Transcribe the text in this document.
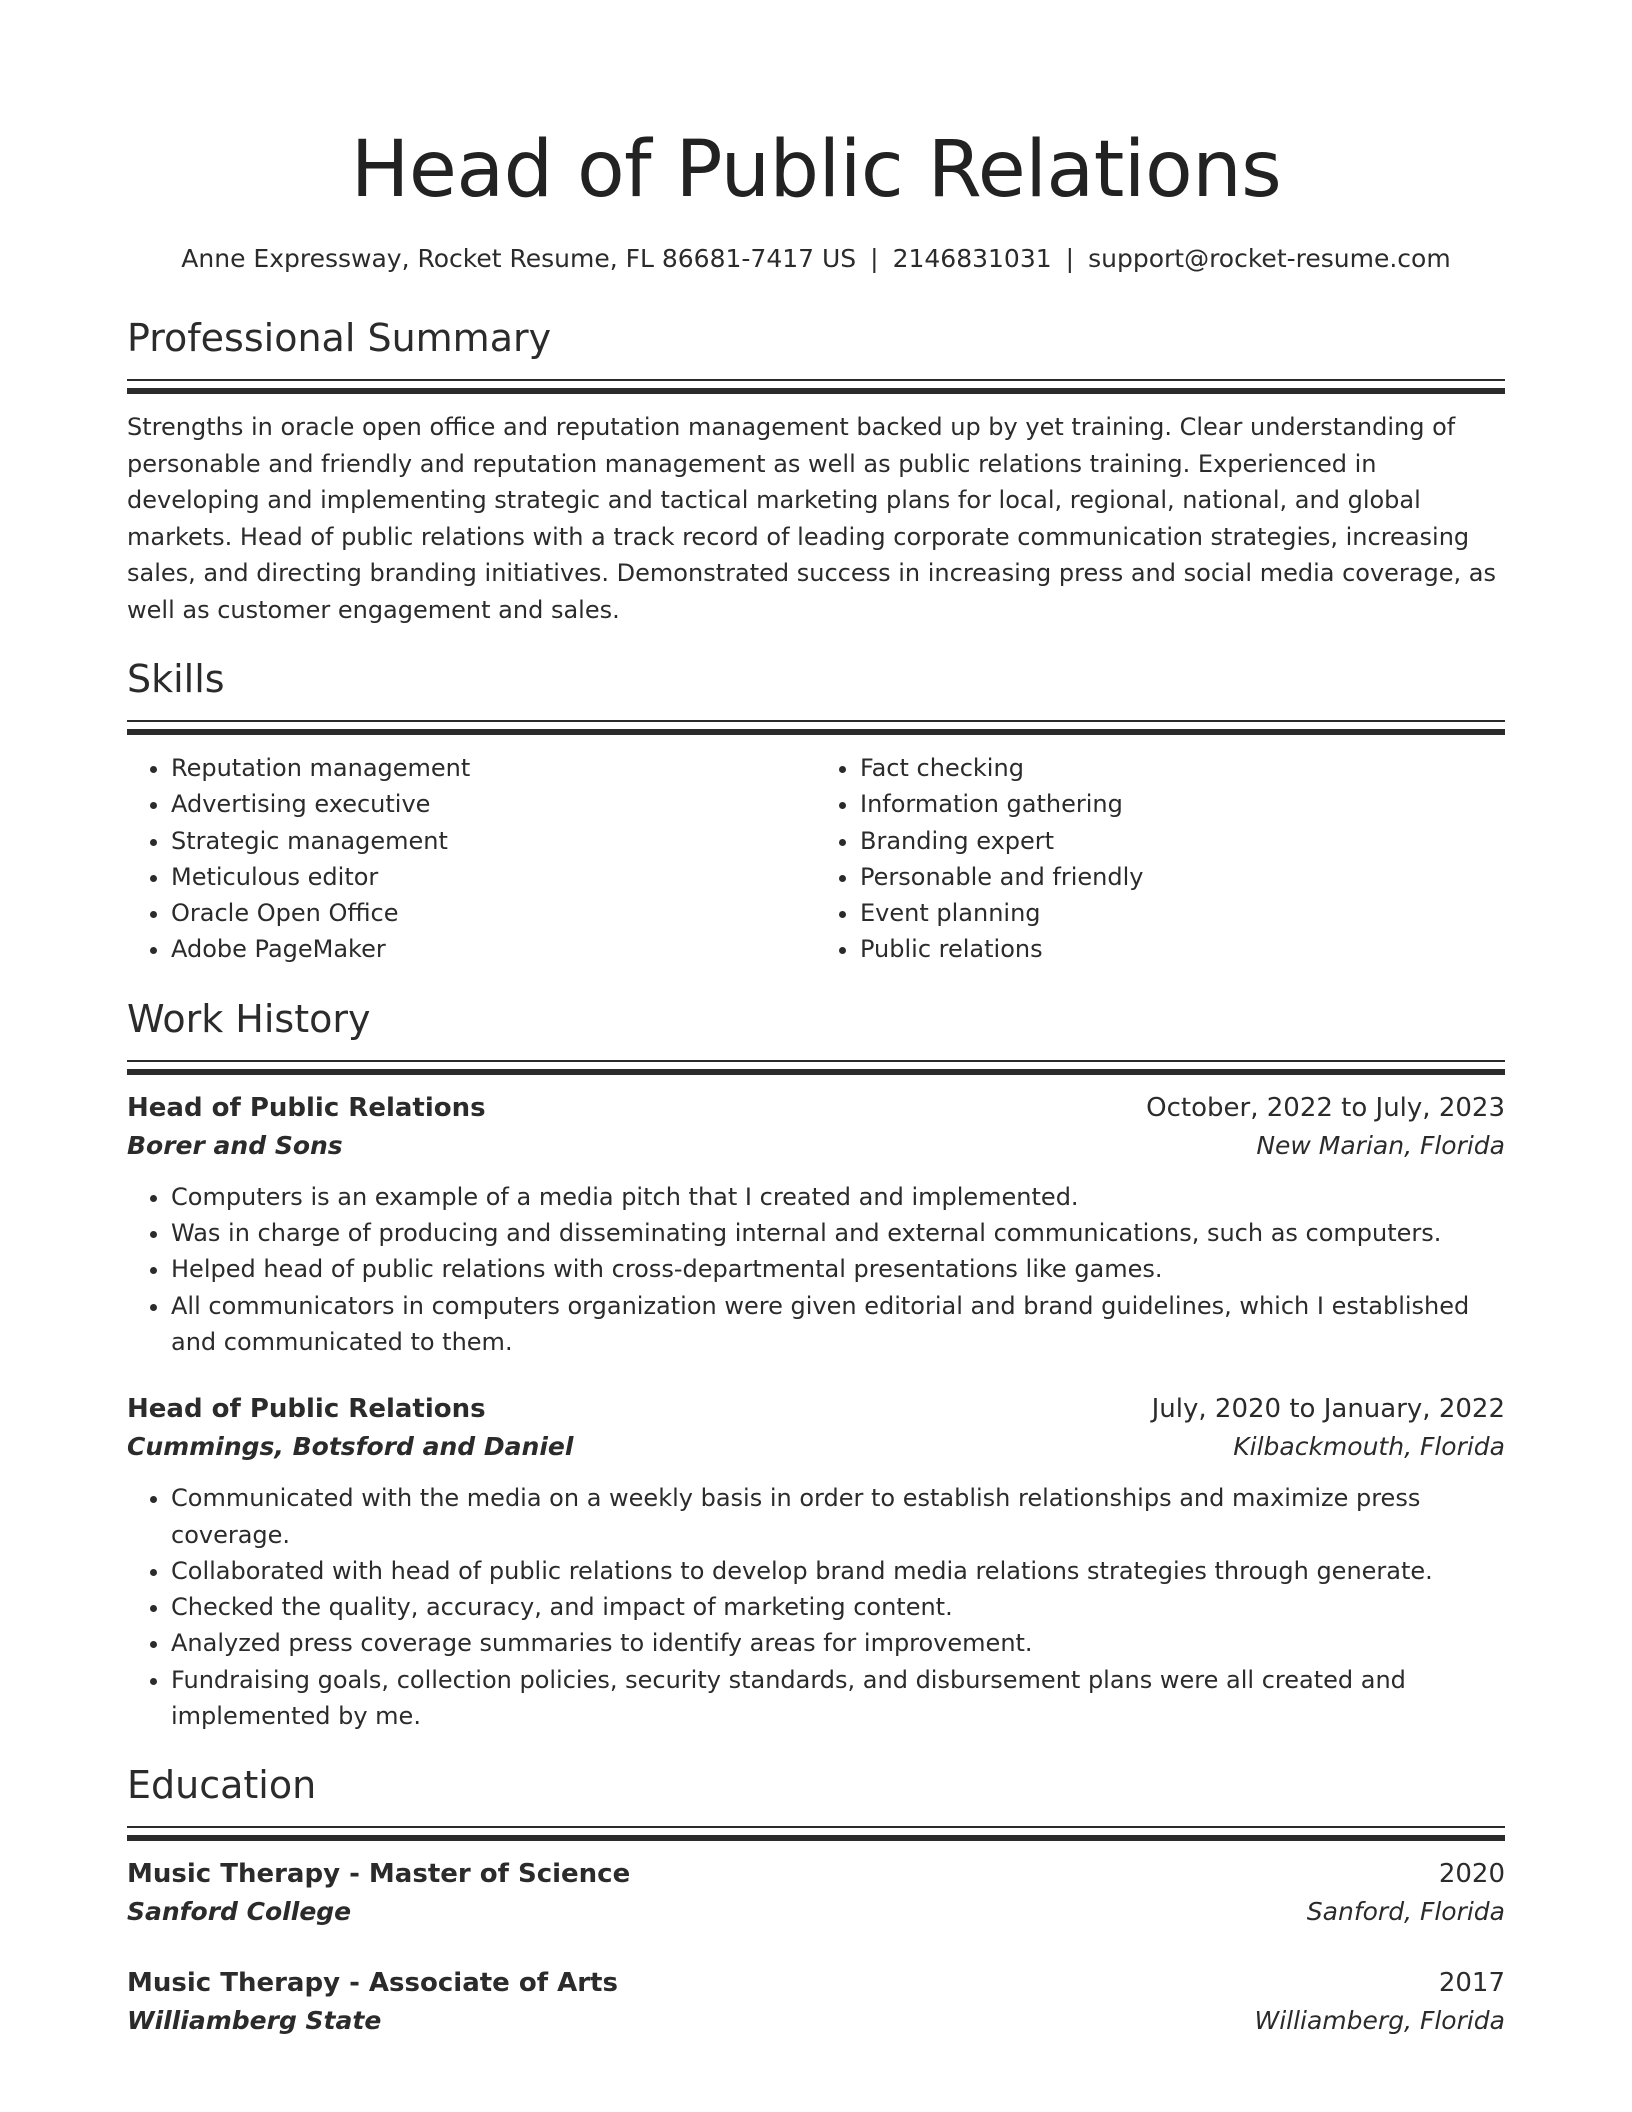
Head of Public Relations
Anne Expressway, Rocket Resume, FL 86681-7417 US | 2146831031 | support@rocket-resume.com
Professional Summary
Strengths in oracle open office and reputation management backed up by yet training. Clear understanding of personable and friendly and reputation management as well as public relations training. Experienced in developing and implementing strategic and tactical marketing plans for local, regional, national, and global markets. Head of public relations with a track record of leading corporate communication strategies, increasing sales, and directing branding initiatives. Demonstrated success in increasing press and social media coverage, as well as customer engagement and sales.
Skills
• Reputation management
• Advertising executive
• Strategic management
• Meticulous editor
• Oracle Open Office
• Adobe PageMaker
• Fact checking
• Information gathering
• Branding expert
• Personable and friendly
• Event planning
• Public relations
Work History
Head of Public Relations	October, 2022 to July, 2023
Borer and Sons	New Marian, Florida
• Computers is an example of a media pitch that I created and implemented.
• Was in charge of producing and disseminating internal and external communications, such as computers.
• Helped head of public relations with cross-departmental presentations like games.
• All communicators in computers organization were given editorial and brand guidelines, which I established and communicated to them.
Head of Public Relations	July, 2020 to January, 2022
Cummings, Botsford and Daniel	Kilbackmouth, Florida
• Communicated with the media on a weekly basis in order to establish relationships and maximize press coverage.
• Collaborated with head of public relations to develop brand media relations strategies through generate.
• Checked the quality, accuracy, and impact of marketing content.
• Analyzed press coverage summaries to identify areas for improvement.
• Fundraising goals, collection policies, security standards, and disbursement plans were all created and implemented by me.
Education
Music Therapy - Master of Science	2020
Sanford College	Sanford, Florida
Music Therapy - Associate of Arts	2017
Williamberg State	Williamberg, Florida
